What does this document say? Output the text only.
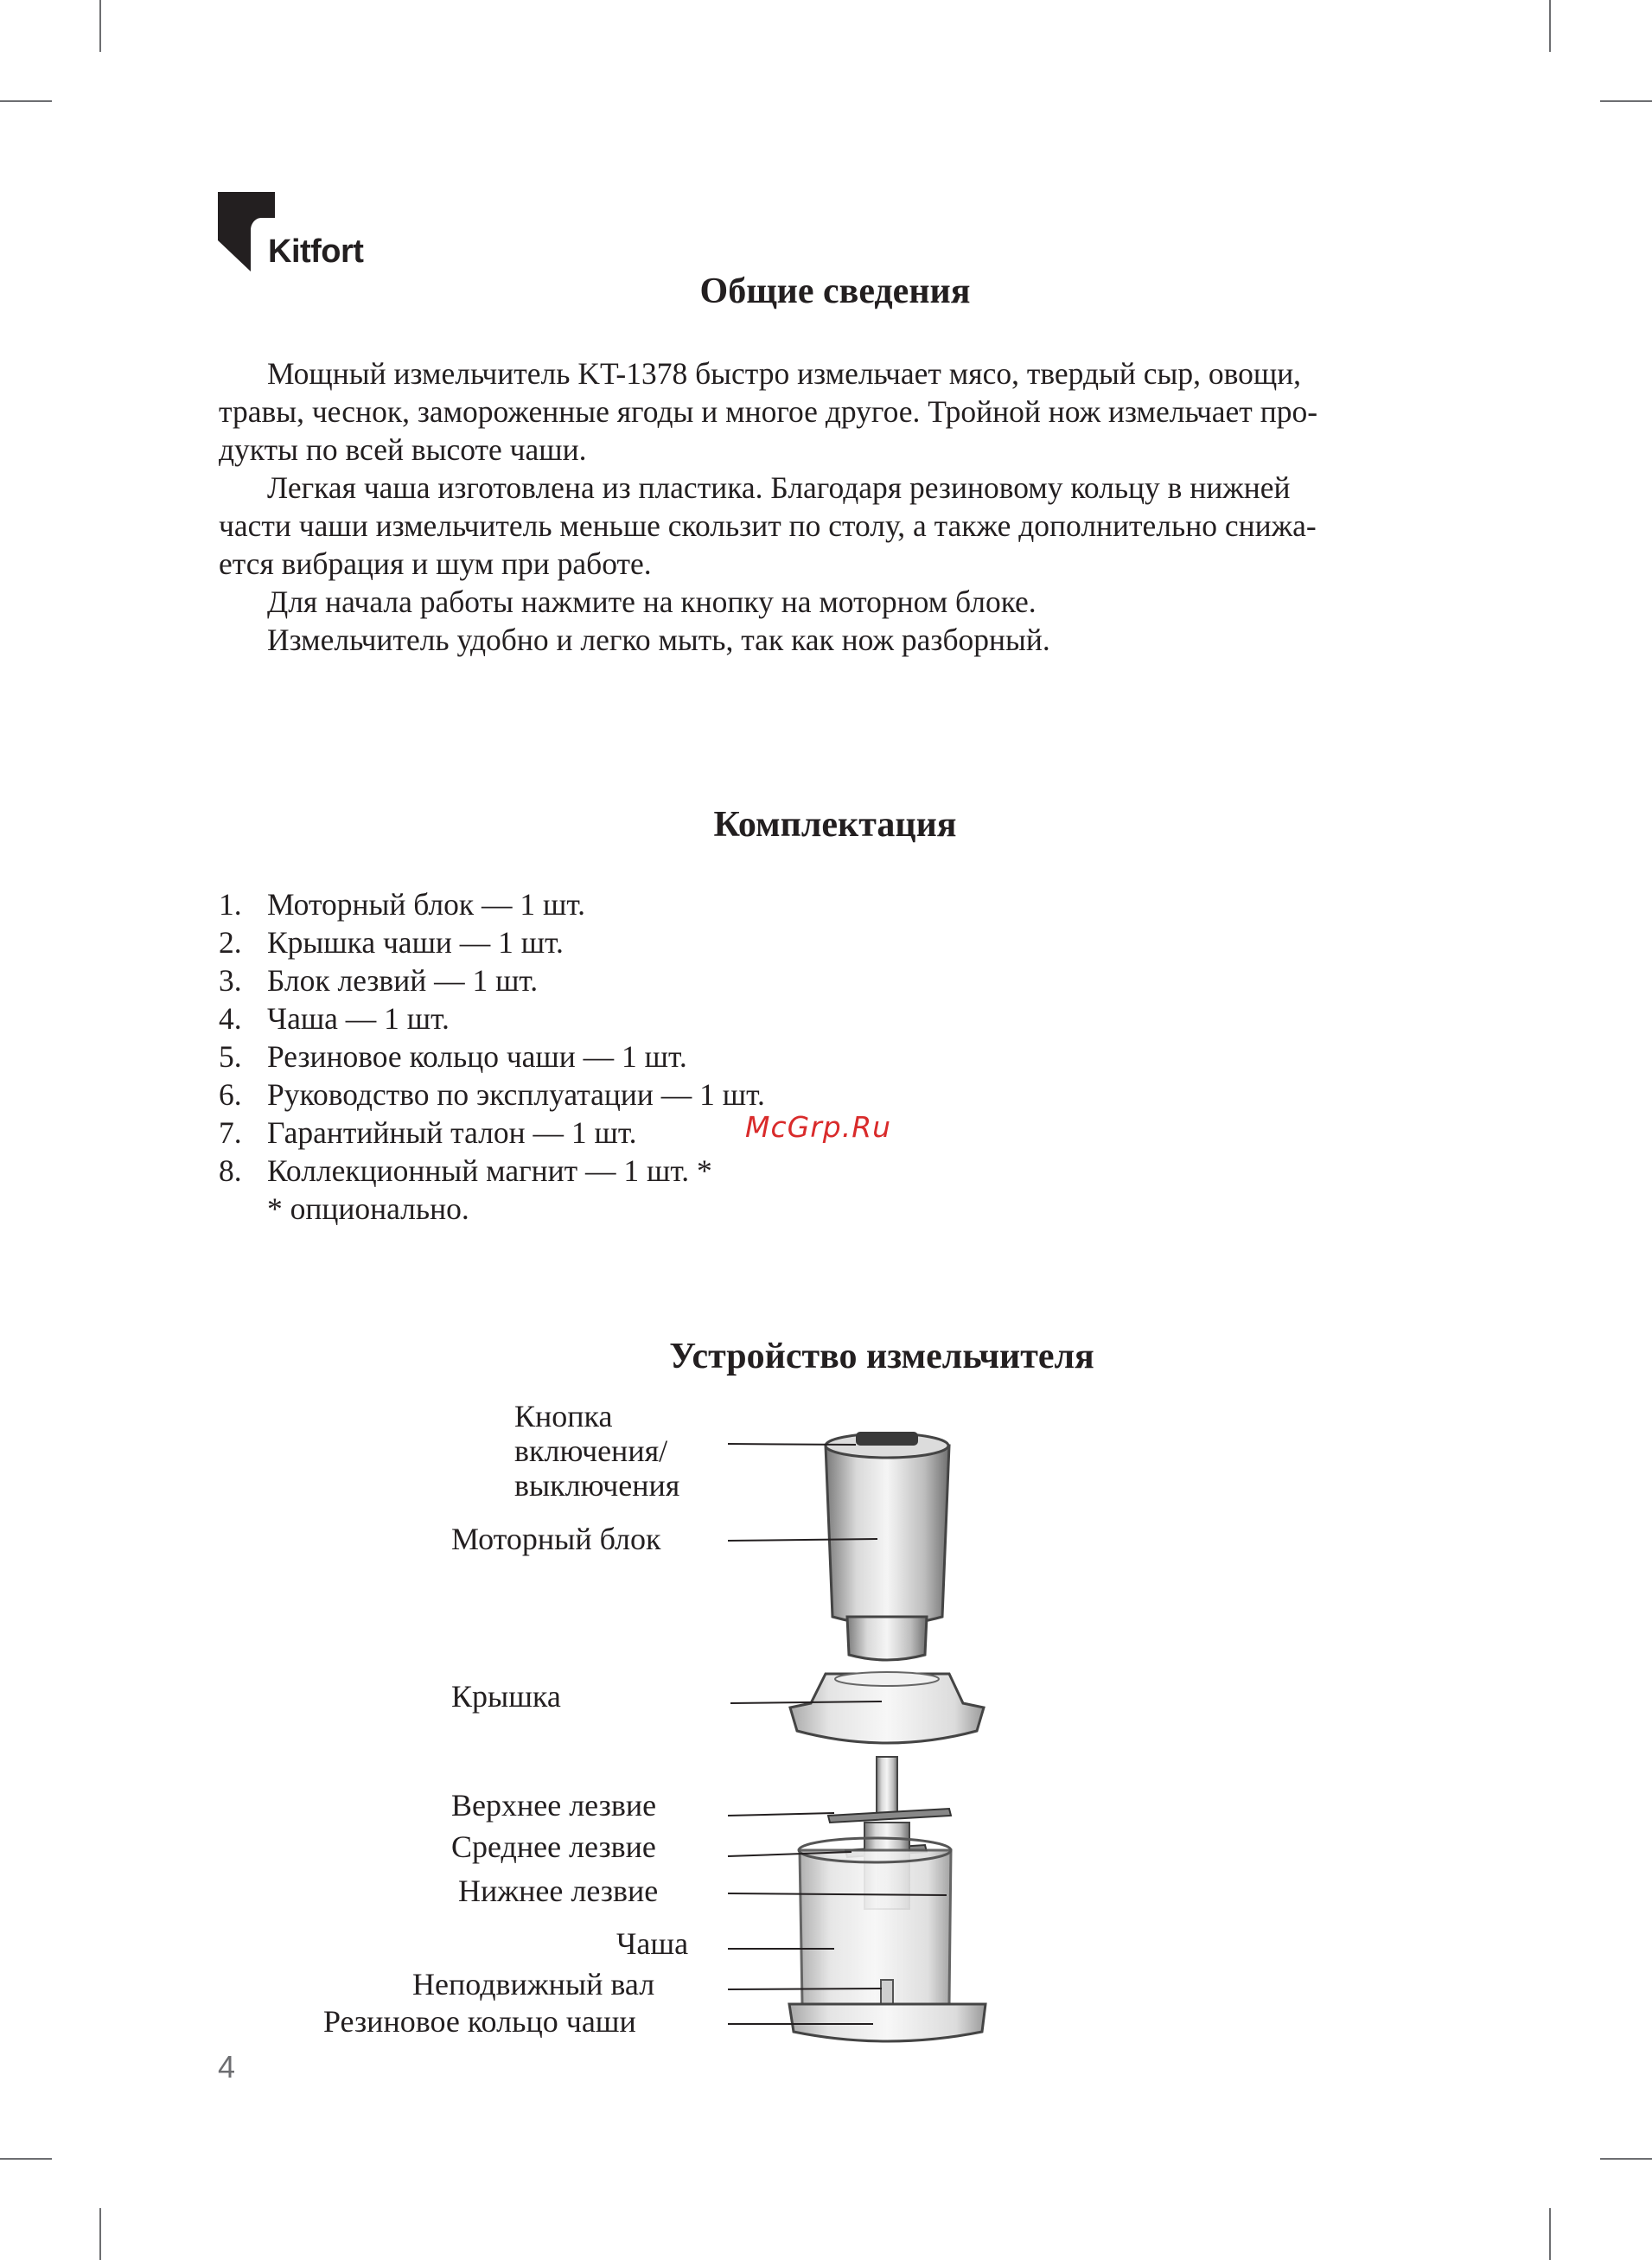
Kitfort
Общие сведения

Мощный измельчитель KT-1378 быстро измельчает мясо, твердый сыр, овощи,

травы, чеснок, замороженные ягоды и многое другое. Тройной нож измельчает про-
дукты по всей высоте чаши.

Легкая чаша изготовлена из пластика. Благодаря резиновому кольцу в нижней

части чаши измельчитель меньше скользит по столу, а также дополнительно снижа-
ется вибрация и шум при работе.

Для начала работы нажмите на кнопку на моторном блоке.

Измельчитель удобно и легко мыть, так как нож разборный.

Комплектация
1. Моторный блок — 1 шт.
2. Крышка чаши — 1 шт.
3. Блок лезвий — 1 шт.
4. Чаша — 1 шт.
5. Резиновое кольцо чаши — 1 шт.
6. Руководство по эксплуатации — 1 шт.
7. Гарантийный талон — 1 шт.
8. Коллекционный магнит — 1 шт. *
* опционально.
McGrp.Ru
Устройство измельчителя
Кнопка
включения/
выключения
Моторный блок
Крышка
Верхнее лезвие
Среднее лезвие
Нижнее лезвие
Чаша
Неподвижный вал
Резиновое кольцо чаши
4
